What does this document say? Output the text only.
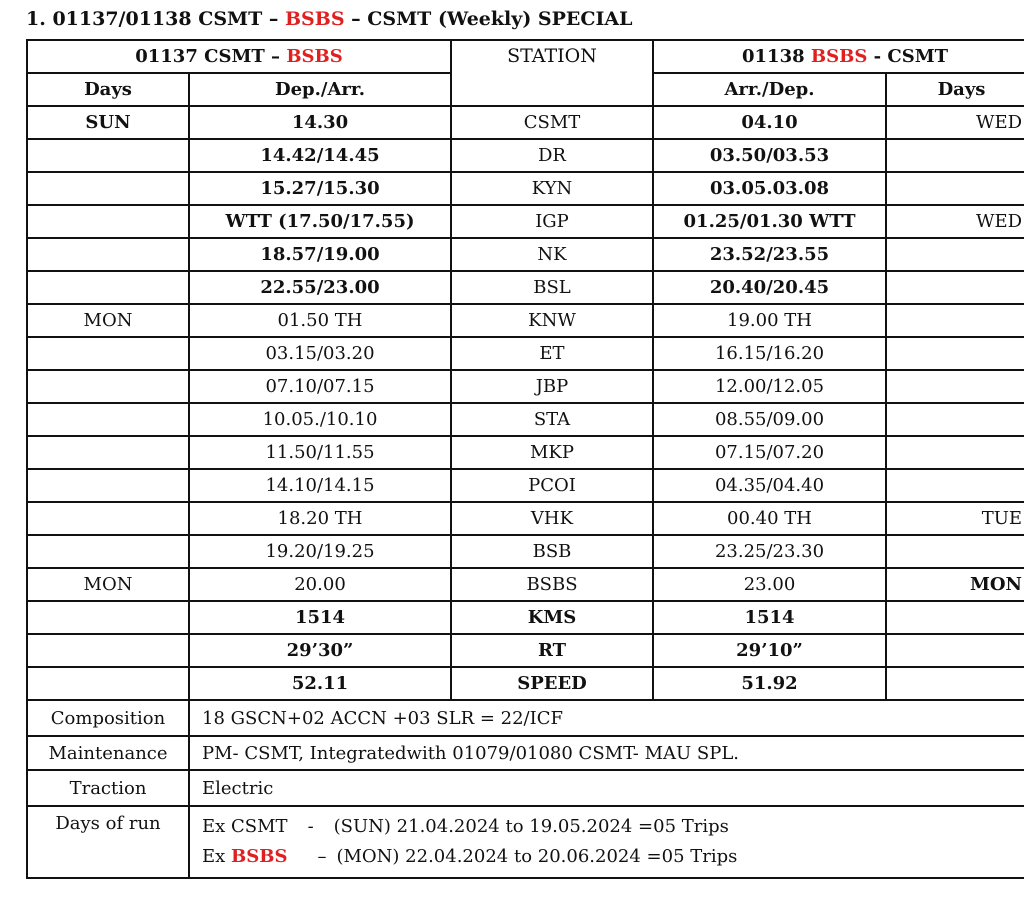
1. 01137/01138 CSMT – BSBS – CSMT (Weekly) SPECIAL
01137 CSMT – BSBS		STATION	01138 BSBS - CSMT	
Days	Dep./Arr.		Arr./Dep.	Days
SUN	14.30	CSMT	04.10	WED
	14.42/14.45	DR	03.50/03.53	
	15.27/15.30	KYN	03.05.03.08	
	WTT (17.50/17.55)	IGP	01.25/01.30 WTT	WED
	18.57/19.00	NK	23.52/23.55	
	22.55/23.00	BSL	20.40/20.45	
MON	01.50 TH	KNW	19.00 TH	
	03.15/03.20	ET	16.15/16.20	
	07.10/07.15	JBP	12.00/12.05	
	10.05./10.10	STA	08.55/09.00	
	11.50/11.55	MKP	07.15/07.20	
	14.10/14.15	PCOI	04.35/04.40	
	18.20 TH	VHK	00.40 TH	TUE
	19.20/19.25	BSB	23.25/23.30	
MON	20.00	BSBS	23.00	MON
	1514	KMS	1514	
	29’30”	RT	29’10”	
	52.11	SPEED	51.92	
Composition	18 GSCN+02 ACCN +03 SLR = 22/ICF			
Maintenance	PM- CSMT, Integratedwith 01079/01080 CSMT- MAU SPL.			
Traction	Electric			
Days of run	Ex CSMT - (SUN) 21.04.2024 to 19.05.2024 =05 Trips
Ex BSBS – (MON) 22.04.2024 to 20.06.2024 =05 Trips			
